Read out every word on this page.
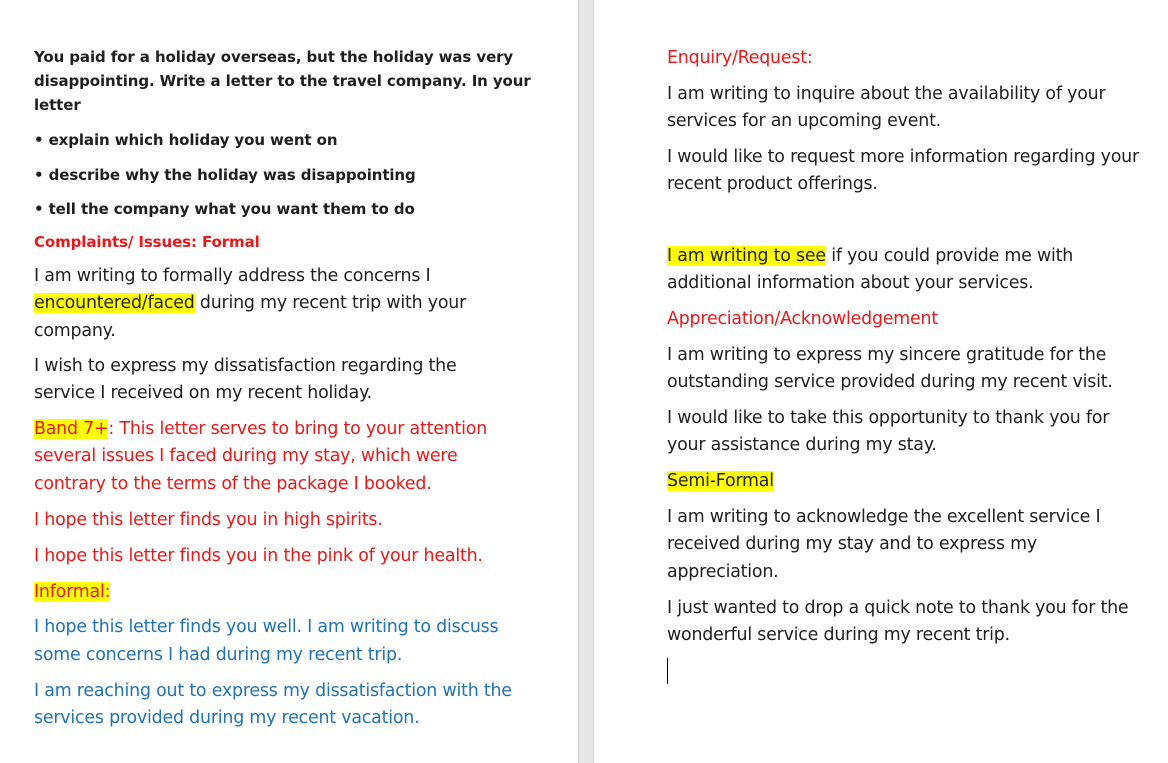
You paid for a holiday overseas, but the holiday was very

disappointing. Write a letter to the travel company. In your

letter

• explain which holiday you went on

• describe why the holiday was disappointing

• tell the company what you want them to do

Complaints/ Issues: Formal

I am writing to formally address the concerns I

encountered/faced during my recent trip with your

company.

I wish to express my dissatisfaction regarding the

service I received on my recent holiday.

Band 7+: This letter serves to bring to your attention

several issues I faced during my stay, which were

contrary to the terms of the package I booked.

I hope this letter finds you in high spirits.

I hope this letter finds you in the pink of your health.

Informal:

I hope this letter finds you well. I am writing to discuss

some concerns I had during my recent trip.

I am reaching out to express my dissatisfaction with the

services provided during my recent vacation.

Enquiry/Request:

I am writing to inquire about the availability of your

services for an upcoming event.

I would like to request more information regarding your

recent product offerings.

I am writing to see if you could provide me with

additional information about your services.

Appreciation/Acknowledgement

I am writing to express my sincere gratitude for the

outstanding service provided during my recent visit.

I would like to take this opportunity to thank you for

your assistance during my stay.

Semi-Formal

I am writing to acknowledge the excellent service I

received during my stay and to express my

appreciation.

I just wanted to drop a quick note to thank you for the

wonderful service during my recent trip.
